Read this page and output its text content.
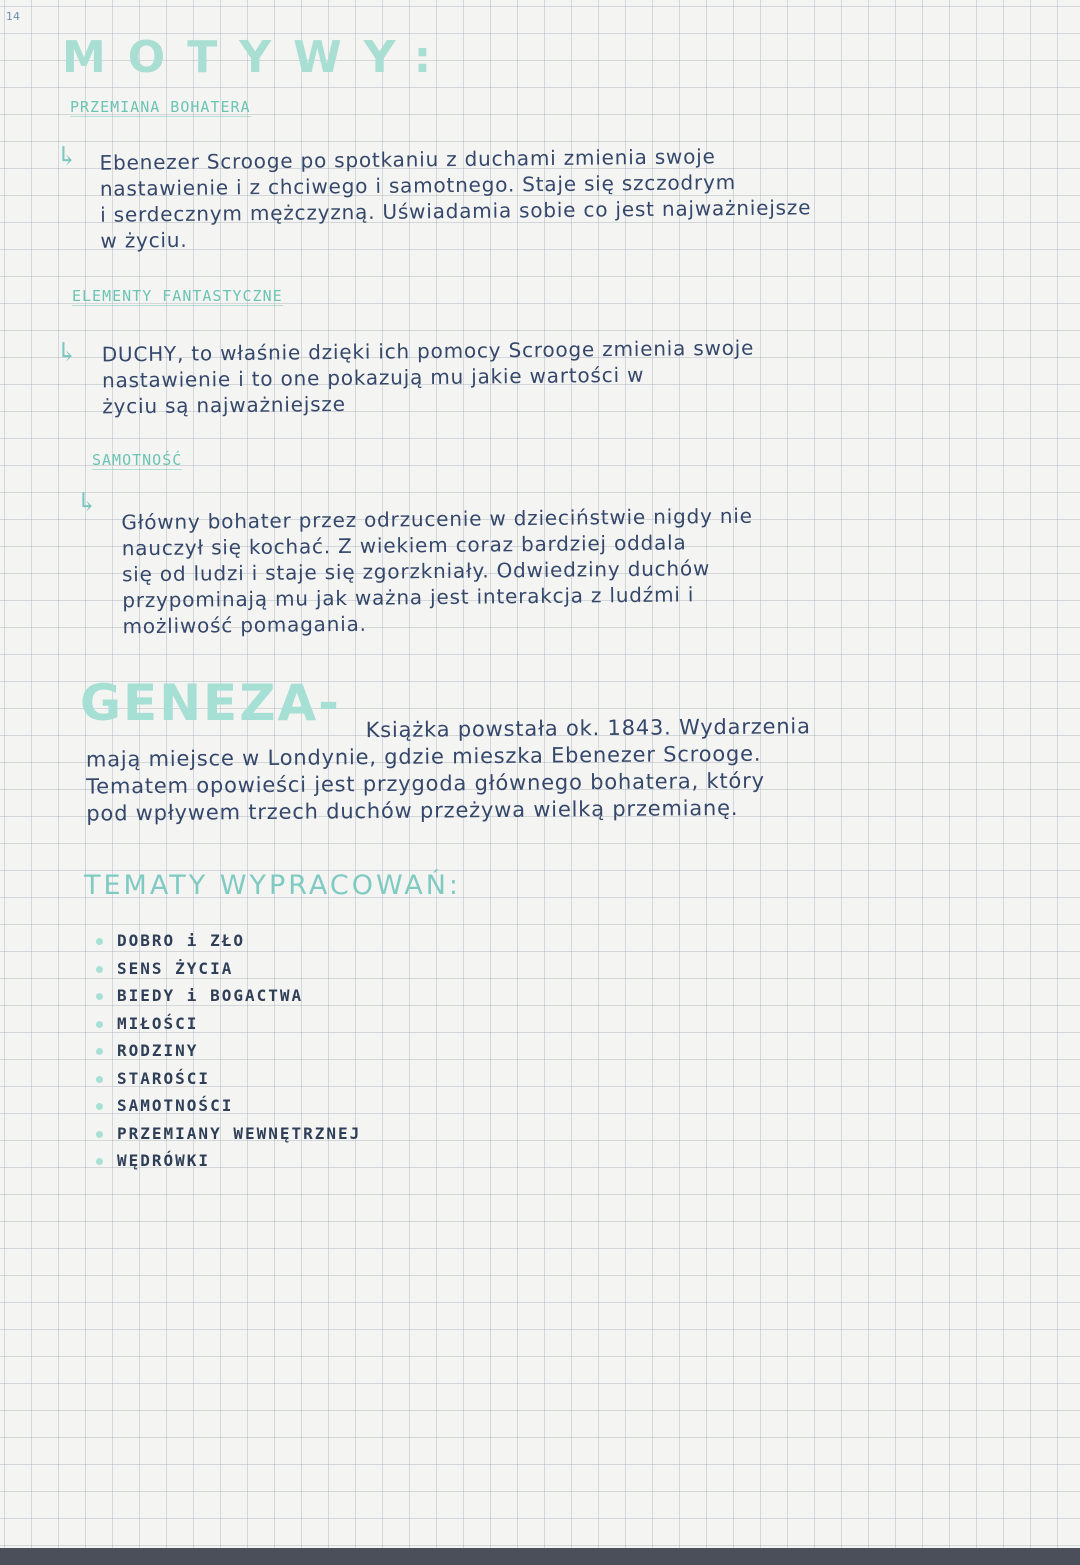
14
MOTYWY:
PRZEMIANA BOHATERA
↳ Ebenezer Scrooge po spotkaniu z duchami zmienia swoje
nastawienie i z chciwego i samotnego. Staje się szczodrym
i serdecznym mężczyzną. Uświadamia sobie co jest najważniejsze
w życiu.
ELEMENTY FANTASTYCZNE
↳ DUCHY, to właśnie dzięki ich pomocy Scrooge zmienia swoje
nastawienie i to one pokazują mu jakie wartości w
życiu są najważniejsze
SAMOTNOŚĆ
↳
Główny bohater przez odrzucenie w dzieciństwie nigdy nie
nauczył się kochać. Z wiekiem coraz bardziej oddala
się od ludzi i staje się zgorzkniały. Odwiedziny duchów
przypominają mu jak ważna jest interakcja z ludźmi i
możliwość pomagania.
GENEZA-	Książka powstała ok. 1843. Wydarzenia
mają miejsce w Londynie, gdzie mieszka Ebenezer Scrooge.
Tematem opowieści jest przygoda głównego bohatera, który
pod wpływem trzech duchów przeżywa wielką przemianę.
TEMATY WYPRACOWAŃ:
DOBRO i ZŁO
SENS ŻYCIA
BIEDY i BOGACTWA
MIŁOŚCI
RODZINY
STAROŚCI
SAMOTNOŚCI
PRZEMIANY WEWNĘTRZNEJ
WĘDRÓWKI
